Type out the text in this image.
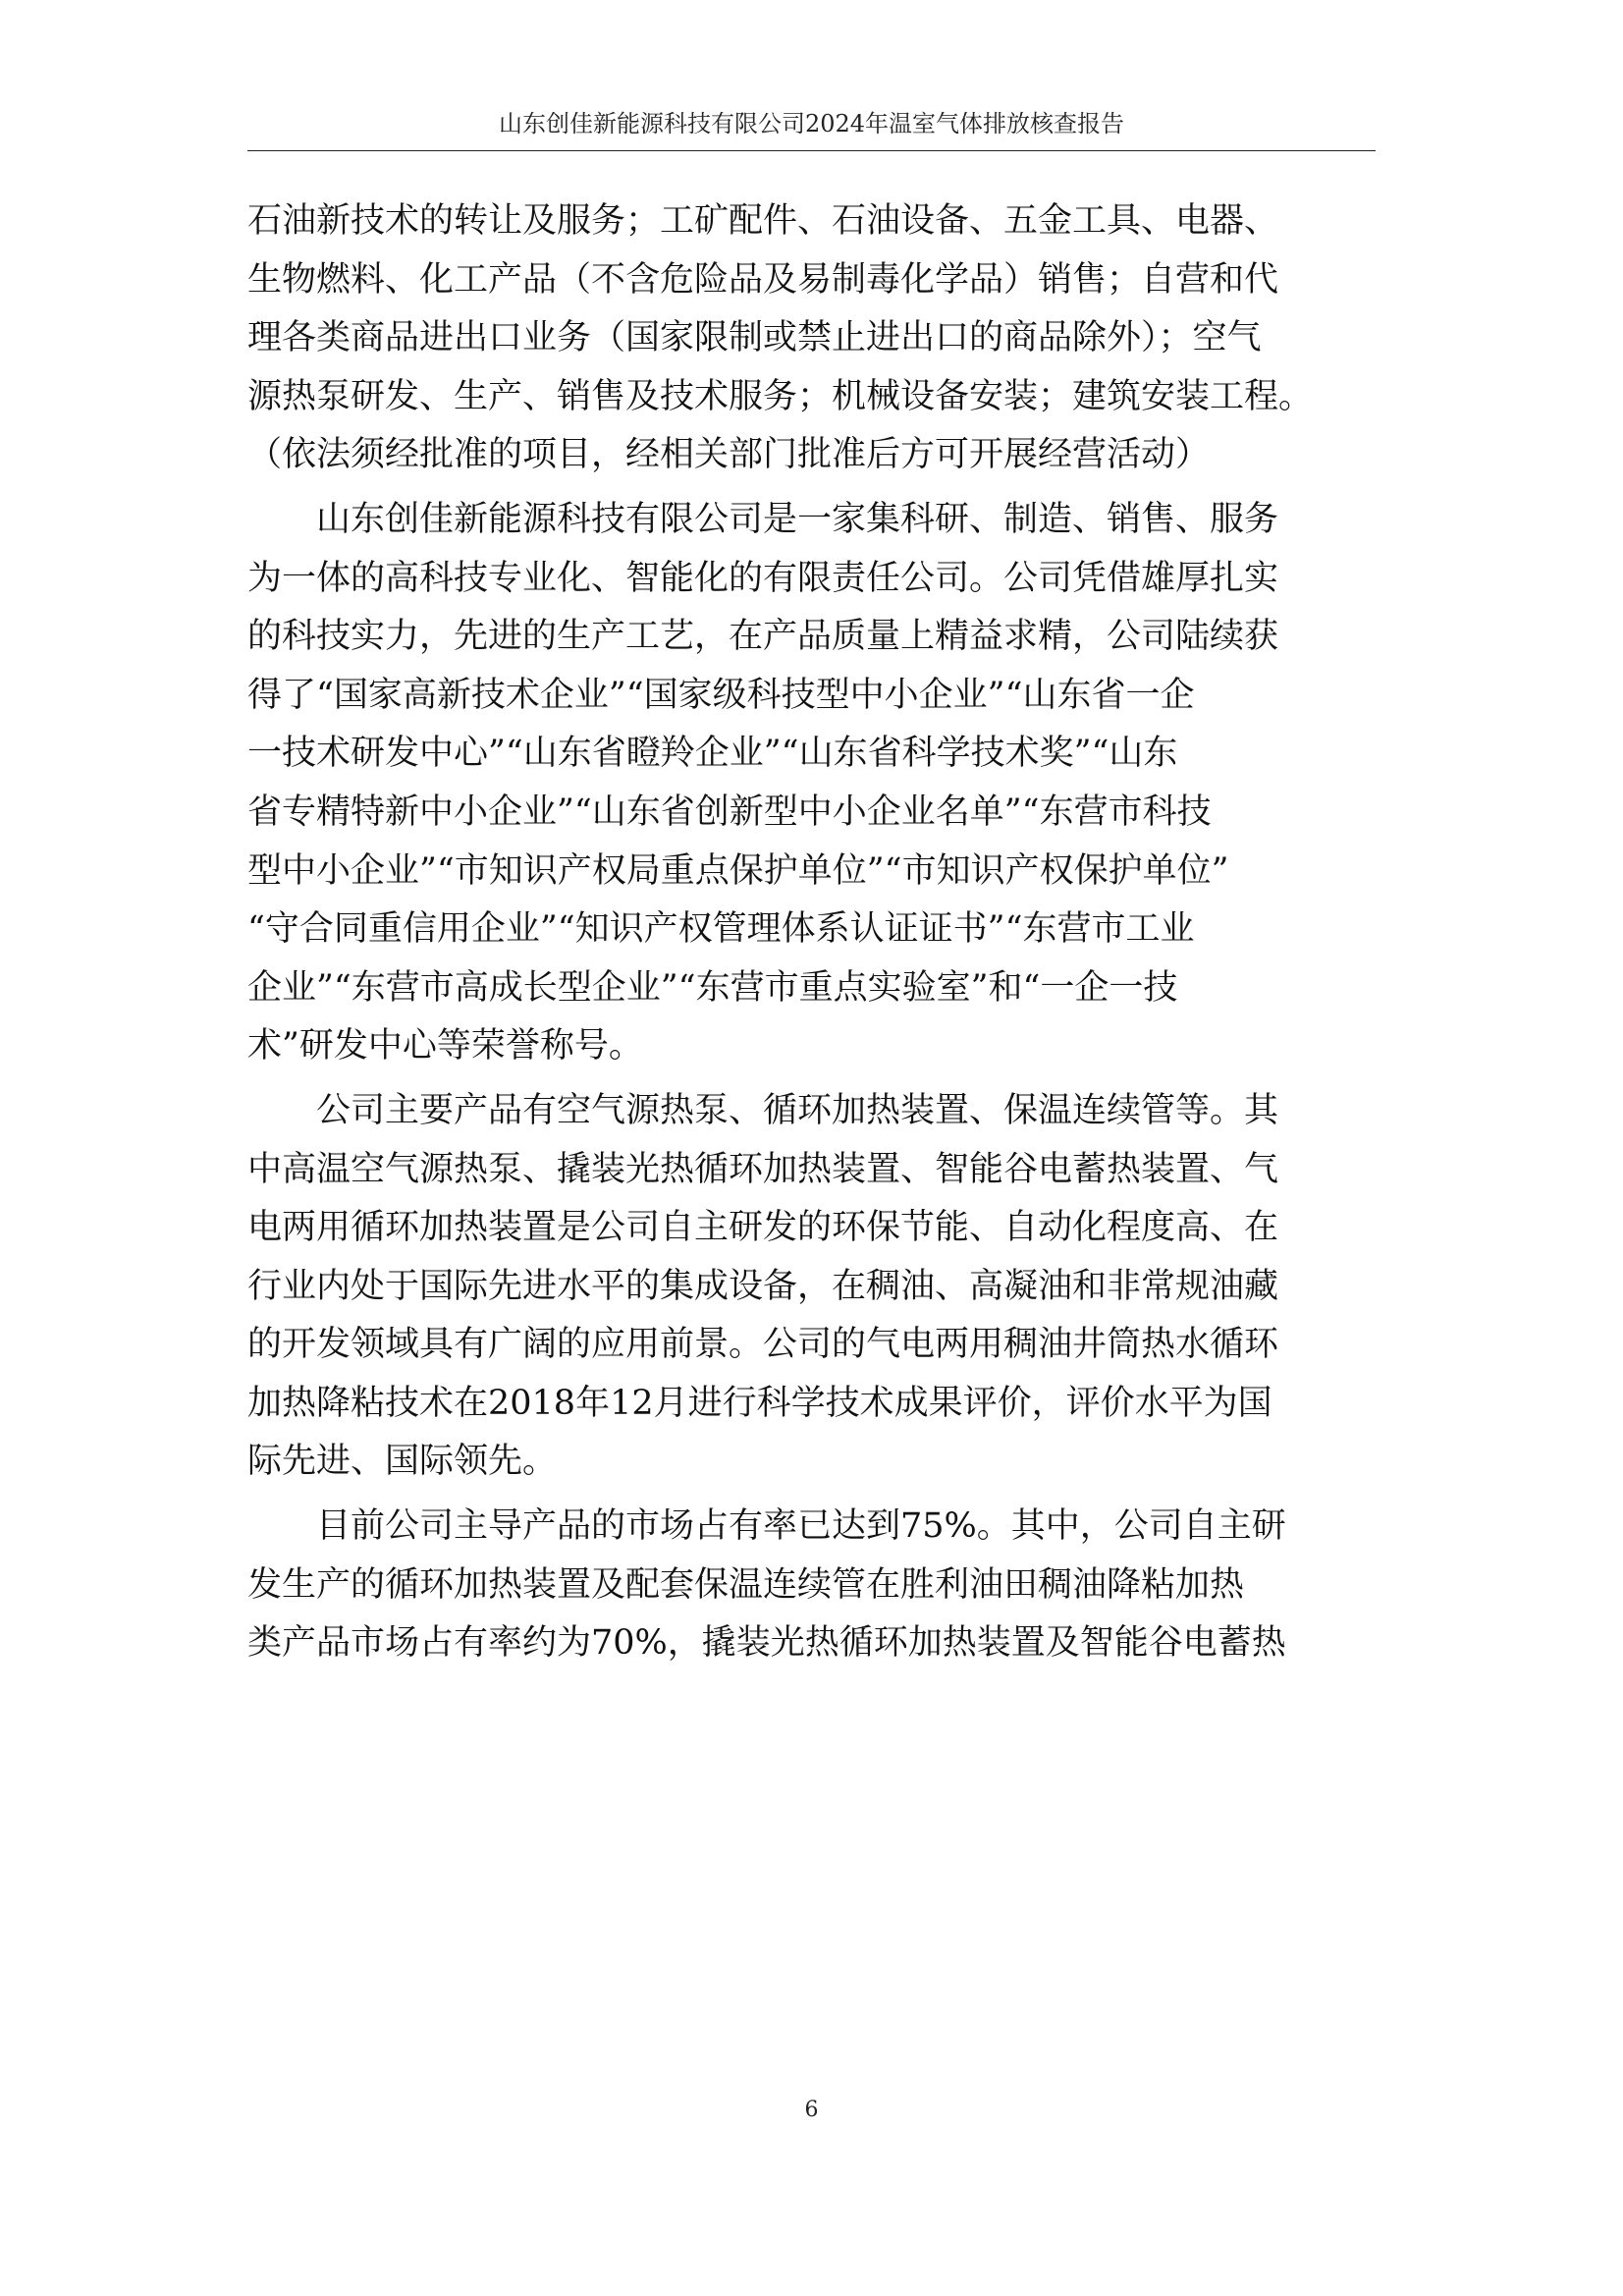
山东创佳新能源科技有限公司2024年温室气体排放核查报告
石油新技术的转让及服务；工矿配件、石油设备、五金工具、电器、
生物燃料、化工产品（不含危险品及易制毒化学品）销售；自营和代
理各类商品进出口业务（国家限制或禁止进出口的商品除外）；空气
源热泵研发、生产、销售及技术服务；机械设备安装；建筑安装工程。
（依法须经批准的项目，经相关部门批准后方可开展经营活动）
山东创佳新能源科技有限公司是一家集科研、制造、销售、服务
为一体的高科技专业化、智能化的有限责任公司。公司凭借雄厚扎实
的科技实力，先进的生产工艺，在产品质量上精益求精，公司陆续获
得了“国家高新技术企业”“国家级科技型中小企业”“山东省一企
一技术研发中心”“山东省瞪羚企业”“山东省科学技术奖”“山东
省专精特新中小企业”“山东省创新型中小企业名单”“东营市科技
型中小企业”“市知识产权局重点保护单位”“市知识产权保护单位”
“守合同重信用企业”“知识产权管理体系认证证书”“东营市工业
企业”“东营市高成长型企业”“东营市重点实验室”和“一企一技
术”研发中心等荣誉称号。
公司主要产品有空气源热泵、循环加热装置、保温连续管等。其
中高温空气源热泵、撬装光热循环加热装置、智能谷电蓄热装置、气
电两用循环加热装置是公司自主研发的环保节能、自动化程度高、在
行业内处于国际先进水平的集成设备，在稠油、高凝油和非常规油藏
的开发领域具有广阔的应用前景。公司的气电两用稠油井筒热水循环
加热降粘技术在2018年12月进行科学技术成果评价，评价水平为国
际先进、国际领先。
目前公司主导产品的市场占有率已达到75%。其中，公司自主研
发生产的循环加热装置及配套保温连续管在胜利油田稠油降粘加热
类产品市场占有率约为70%，撬装光热循环加热装置及智能谷电蓄热
6
